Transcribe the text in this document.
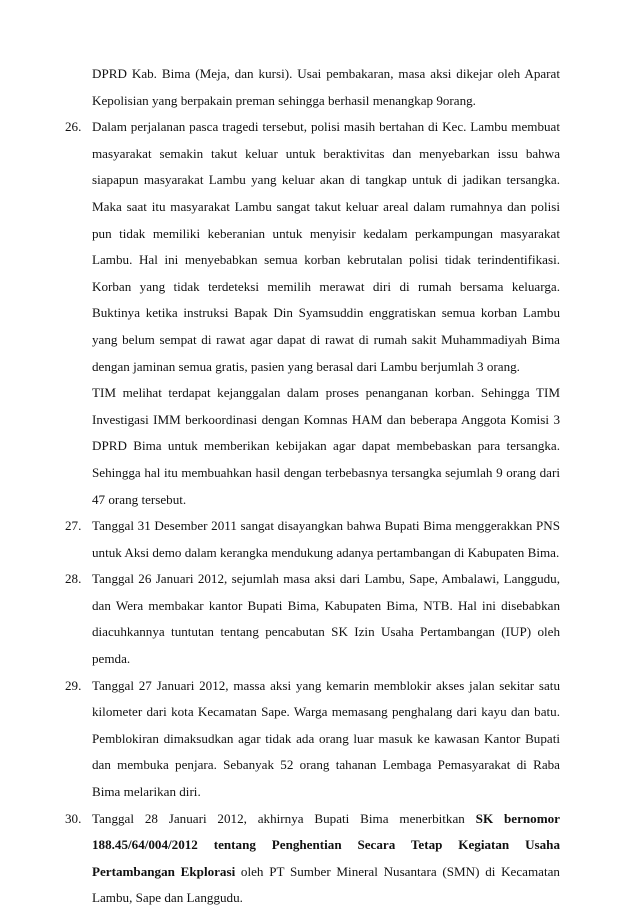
DPRD Kab. Bima (Meja, dan kursi). Usai pembakaran, masa aksi dikejar oleh Aparat Kepolisian yang berpakain preman sehingga berhasil menangkap 9orang.

26. Dalam perjalanan pasca tragedi tersebut, polisi masih bertahan di Kec. Lambu membuat masyarakat semakin takut keluar untuk beraktivitas dan menyebarkan issu bahwa siapapun masyarakat Lambu yang keluar akan di tangkap untuk di jadikan tersangka. Maka saat itu masyarakat Lambu sangat takut keluar areal dalam rumahnya dan polisi pun tidak memiliki keberanian untuk menyisir kedalam perkampungan masyarakat Lambu. Hal ini menyebabkan semua korban kebrutalan polisi tidak terindentifikasi. Korban yang tidak terdeteksi memilih merawat diri di rumah bersama keluarga. Buktinya ketika instruksi Bapak Din Syamsuddin enggratiskan semua korban Lambu yang belum sempat di rawat agar dapat di rawat di rumah sakit Muhammadiyah Bima dengan jaminan semua gratis, pasien yang berasal dari Lambu berjumlah 3 orang.

TIM melihat terdapat kejanggalan dalam proses penanganan korban. Sehingga TIM Investigasi IMM berkoordinasi dengan Komnas HAM dan beberapa Anggota Komisi 3 DPRD Bima untuk memberikan kebijakan agar dapat membebaskan para tersangka. Sehingga hal itu membuahkan hasil dengan terbebasnya tersangka sejumlah 9 orang dari 47 orang tersebut.

27. Tanggal 31 Desember 2011 sangat disayangkan bahwa Bupati Bima menggerakkan PNS untuk Aksi demo dalam kerangka mendukung adanya pertambangan di Kabupaten Bima.

28. Tanggal 26 Januari 2012, sejumlah masa aksi dari Lambu, Sape, Ambalawi, Langgudu, dan Wera membakar kantor Bupati Bima, Kabupaten Bima, NTB. Hal ini disebabkan diacuhkannya tuntutan tentang pencabutan SK Izin Usaha Pertambangan (IUP) oleh pemda.

29. Tanggal 27 Januari 2012, massa aksi yang kemarin memblokir akses jalan sekitar satu kilometer dari kota Kecamatan Sape. Warga memasang penghalang dari kayu dan batu. Pemblokiran dimaksudkan agar tidak ada orang luar masuk ke kawasan Kantor Bupati dan membuka penjara. Sebanyak 52 orang tahanan Lembaga Pemasyarakat di Raba Bima melarikan diri.

30. Tanggal 28 Januari 2012, akhirnya Bupati Bima menerbitkan SK bernomor 188.45/64/004/2012 tentang Penghentian Secara Tetap Kegiatan Usaha Pertambangan Ekplorasi oleh PT Sumber Mineral Nusantara (SMN) di Kecamatan Lambu, Sape dan Langgudu.
